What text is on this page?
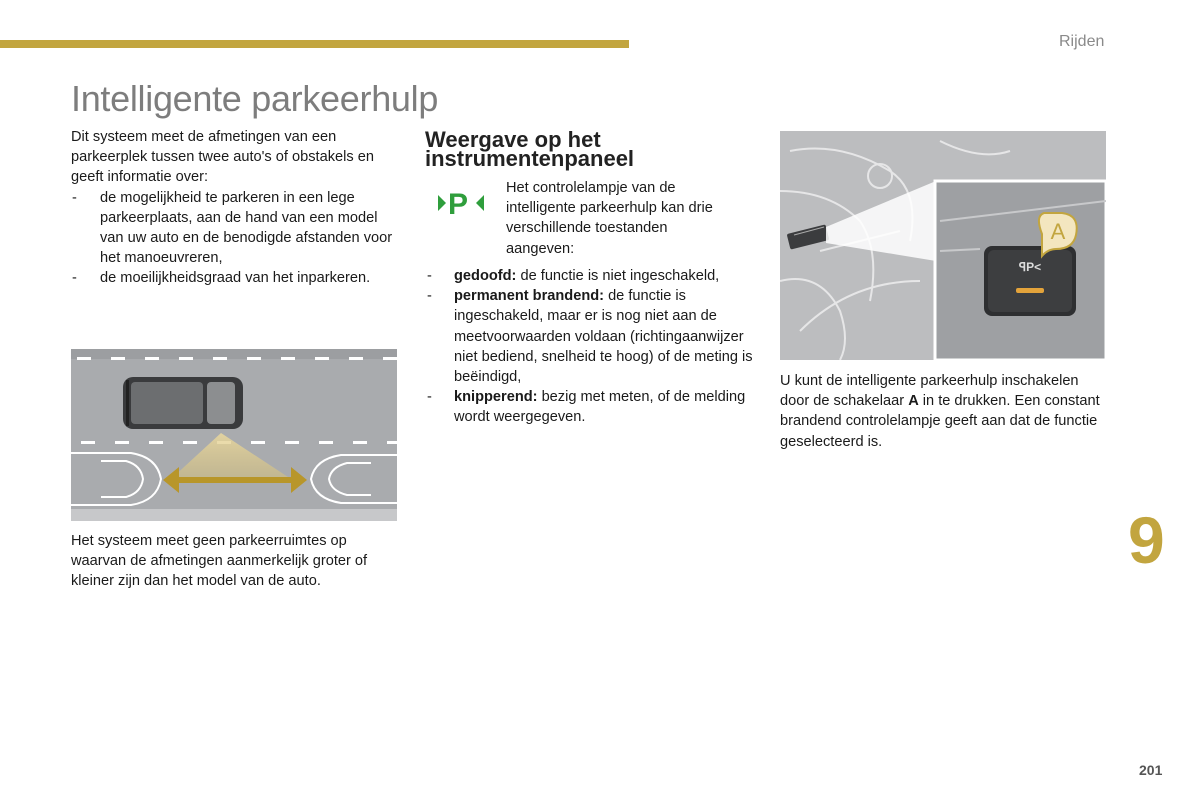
Rijden
Intelligente parkeerhulp

Dit systeem meet de afmetingen van een parkeerplek tussen twee auto's of obstakels en geeft informatie over:

- de mogelijkheid te parkeren in een lege parkeerplaats, aan de hand van een model van uw auto en de benodigde afstanden voor het manoeuvreren,
- de moeilijkheidsgraad van het inparkeren.

Het systeem meet geen parkeerruimtes op waarvan de afmetingen aanmerkelijk groter of kleiner zijn dan het model van de auto.

Weergave op het
instrumentenpaneel
P	Het controlelampje van de intelligente parkeerhulp kan drie verschillende toestanden aangeven:

- gedoofd: de functie is niet ingeschakeld,
- permanent brandend: de functie is ingeschakeld, maar er is nog niet aan de meetvoorwaarden voldaan (richtingaanwijzer niet bediend, snelheid te hoog) of de meting is beëindigd,
- knipperend: bezig met meten, of de melding wordt weergegeven.
ꟼP<
A

U kunt de intelligente parkeerhulp inschakelen door de schakelaar A in te drukken. Een constant brandend controlelampje geeft aan dat de functie geselecteerd is.

9
201
